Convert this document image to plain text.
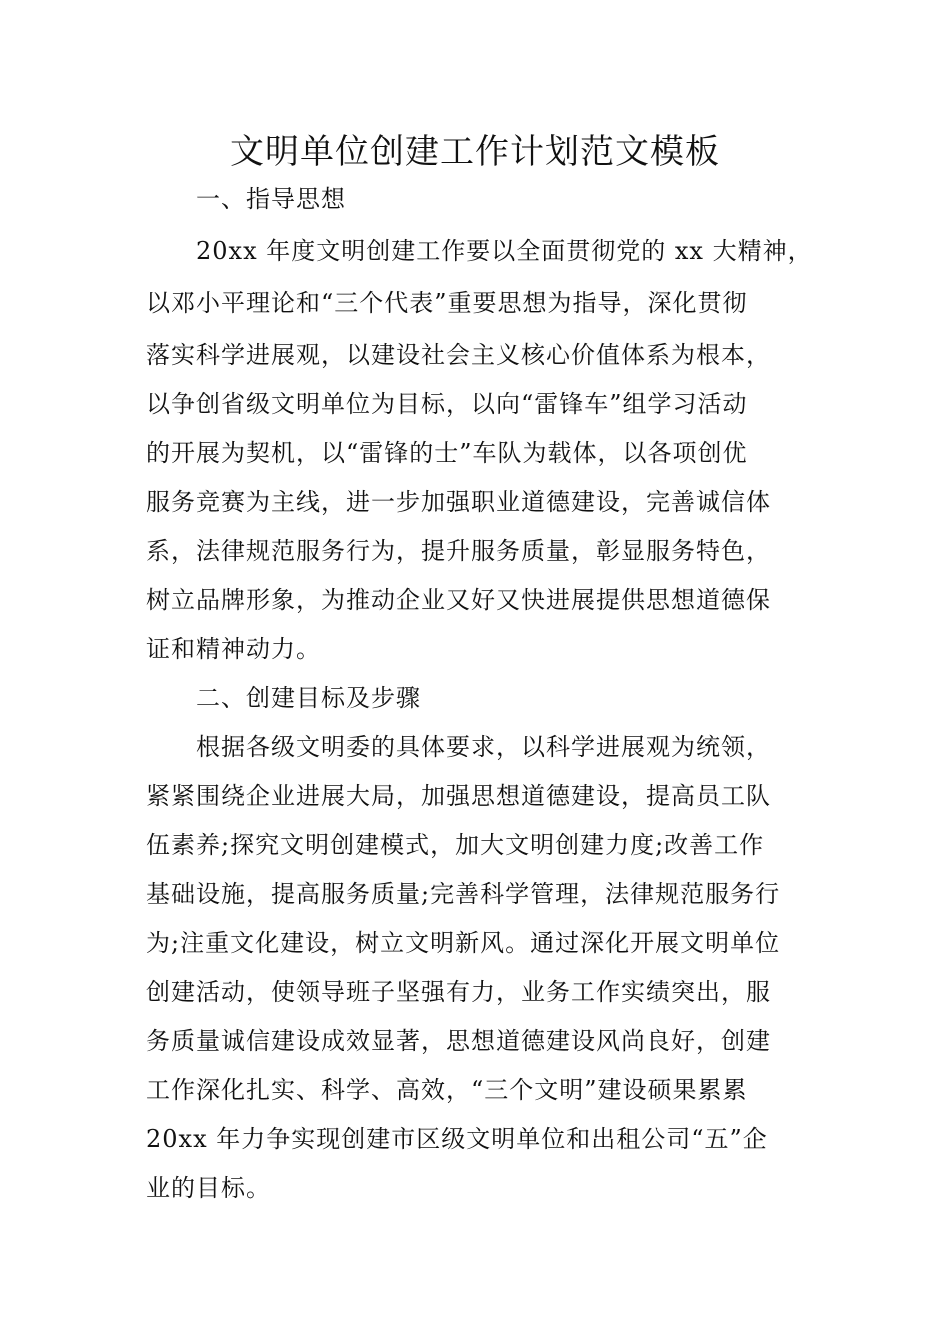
文明单位创建工作计划范文模板

一、指导思想

20xx 年度文明创建工作要以全面贯彻党的 xx 大精神，

以邓小平理论和“三个代表”重要思想为指导，深化贯彻

落实科学进展观，以建设社会主义核心价值体系为根本，

以争创省级文明单位为目标，以向“雷锋车”组学习活动

的开展为契机，以“雷锋的士”车队为载体，以各项创优

服务竞赛为主线，进一步加强职业道德建设，完善诚信体

系，法律规范服务行为，提升服务质量，彰显服务特色，

树立品牌形象，为推动企业又好又快进展提供思想道德保

证和精神动力。

二、创建目标及步骤

根据各级文明委的具体要求，以科学进展观为统领，

紧紧围绕企业进展大局，加强思想道德建设，提高员工队

伍素养;探究文明创建模式，加大文明创建力度;改善工作

基础设施，提高服务质量;完善科学管理，法律规范服务行

为;注重文化建设，树立文明新风。通过深化开展文明单位

创建活动，使领导班子坚强有力，业务工作实绩突出，服

务质量诚信建设成效显著，思想道德建设风尚良好，创建

工作深化扎实、科学、高效，“三个文明”建设硕果累累

20xx 年力争实现创建市区级文明单位和出租公司“五”企

业的目标。
